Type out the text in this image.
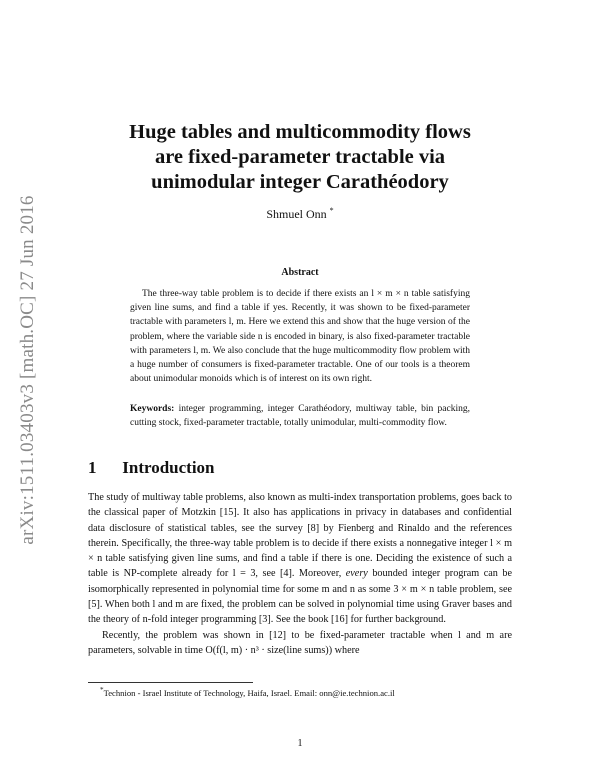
arXiv:1511.03403v3 [math.OC] 27 Jun 2016
Huge tables and multicommodity flows
are fixed-parameter tractable via
unimodular integer Carathéodory
Shmuel Onn *
Abstract
The three-way table problem is to decide if there exists an l × m × n table satisfying given line sums, and find a table if yes. Recently, it was shown to be fixed-parameter tractable with parameters l, m. Here we extend this and show that the huge version of the problem, where the variable side n is encoded in binary, is also fixed-parameter tractable with parameters l, m. We also conclude that the huge multicommodity flow problem with a huge number of consumers is fixed-parameter tractable. One of our tools is a theorem about unimodular monoids which is of interest on its own right.
Keywords: integer programming, integer Carathéodory, multiway table, bin packing, cutting stock, fixed-parameter tractable, totally unimodular, multi-commodity flow.
1 Introduction

The study of multiway table problems, also known as multi-index transportation problems, goes back to the classical paper of Motzkin [15]. It also has applications in privacy in databases and confidential data disclosure of statistical tables, see the survey [8] by Fienberg and Rinaldo and the references therein. Specifically, the three-way table problem is to decide if there exists a nonnegative integer l × m × n table satisfying given line sums, and find a table if there is one. Deciding the existence of such a table is NP-complete already for l = 3, see [4]. Moreover, every bounded integer program can be isomorphically represented in polynomial time for some m and n as some 3 × m × n table problem, see [5]. When both l and m are fixed, the problem can be solved in polynomial time using Graver bases and the theory of n-fold integer programming [3]. See the book [16] for further background.

Recently, the problem was shown in [12] to be fixed-parameter tractable when l and m are parameters, solvable in time O(f(l, m) · n³ · size(line sums)) where

*Technion - Israel Institute of Technology, Haifa, Israel. Email: onn@ie.technion.ac.il
1
